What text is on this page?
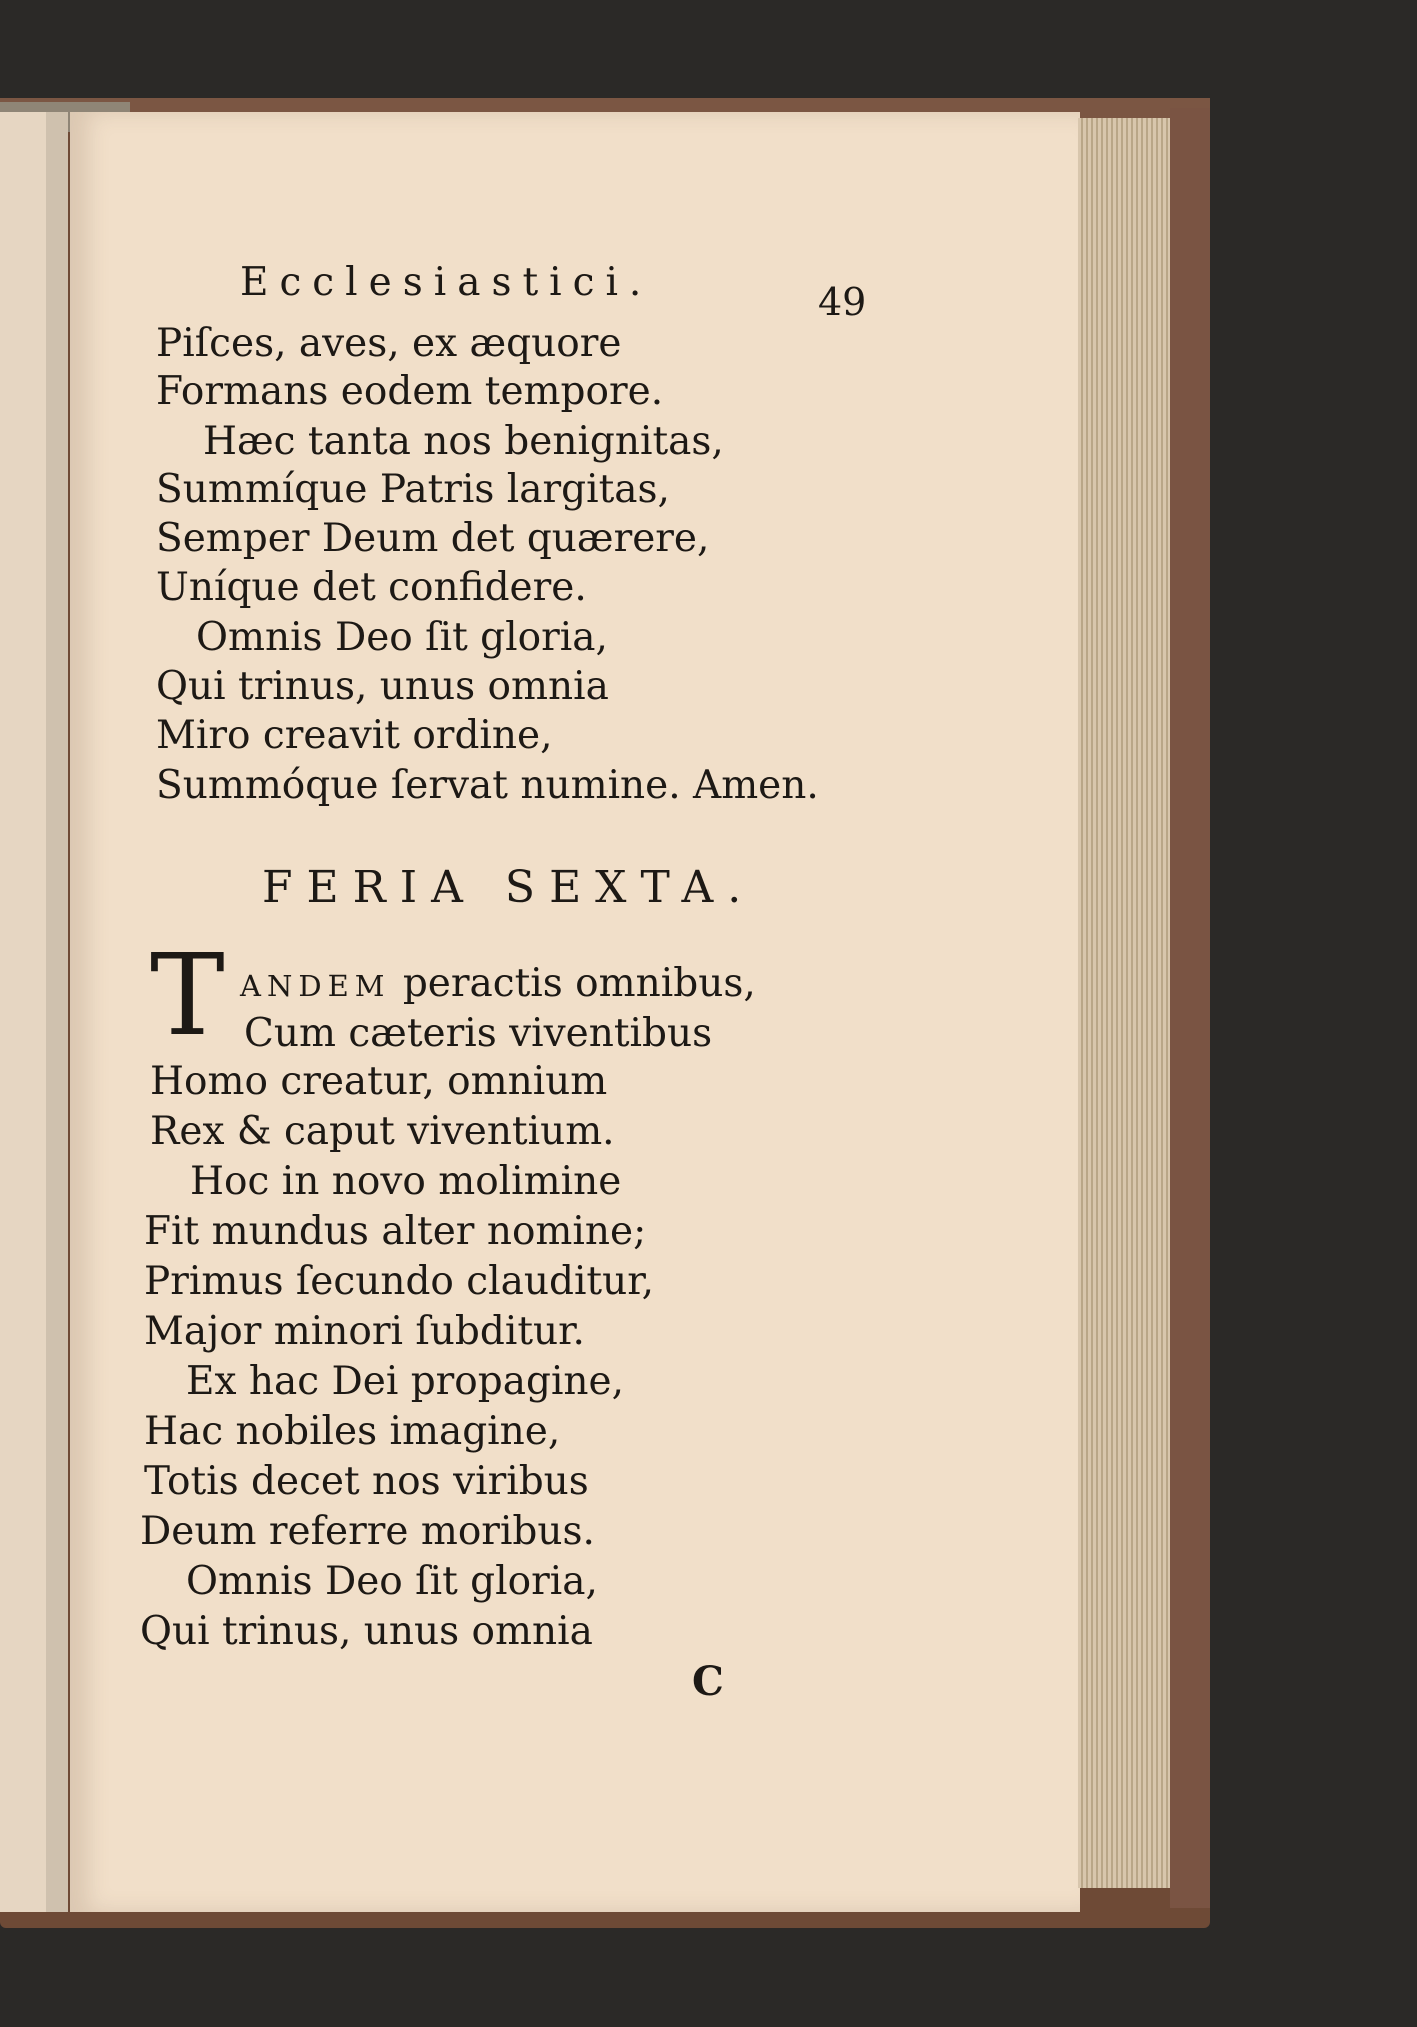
Ecclesiastici.	49
Piſces, aves, ex æquore
Formans eodem tempore.
Hæc tanta nos benignitas,
Summíque Patris largitas,
Semper Deum det quærere,
Uníque det confidere.
Omnis Deo ſit gloria,
Qui trinus, unus omnia
Miro creavit ordine,
Summóque ſervat numine. Amen.
FERIA SEXTA.
T ANDEM peractis omnibus,
Cum cæteris viventibus
Homo creatur, omnium
Rex & caput viventium.
Hoc in novo molimine
Fit mundus alter nomine;
Primus ſecundo clauditur,
Major minori ſubditur.
Ex hac Dei propagine,
Hac nobiles imagine,
Totis decet nos viribus
Deum referre moribus.
Omnis Deo ſit gloria,
Qui trinus, unus omnia
C
